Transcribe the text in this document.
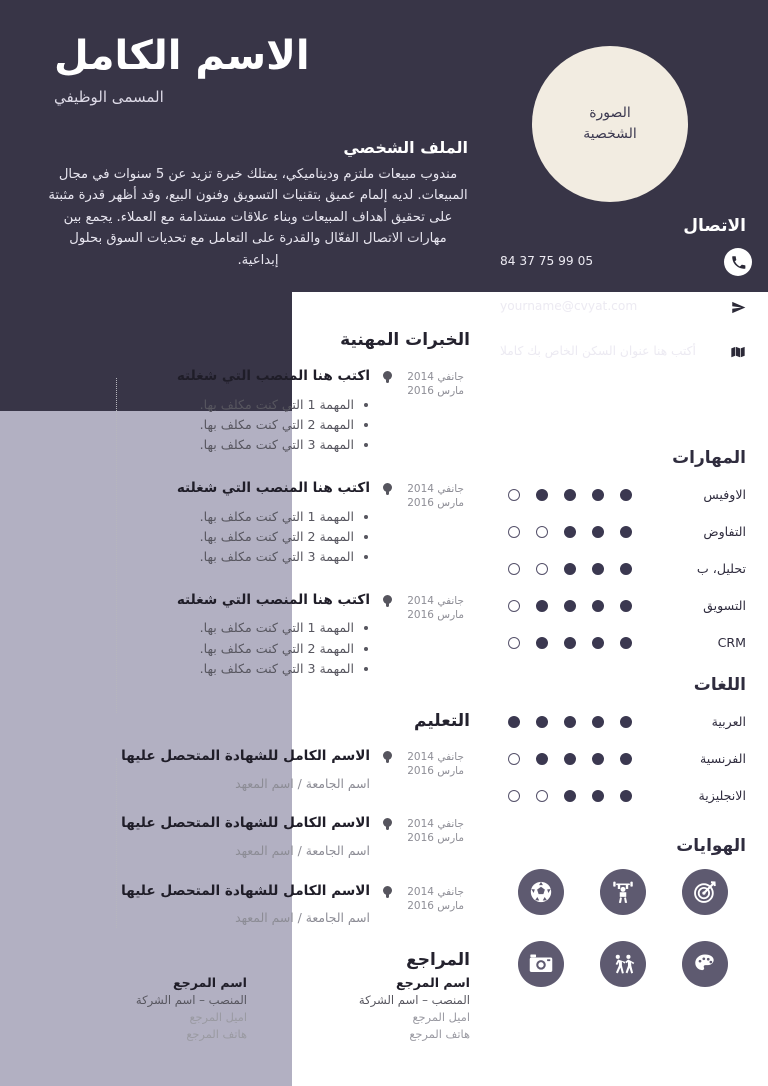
الصورة
الشخصية
الاسم الكامل
المسمى الوظيفي
الملف الشخصي
مندوب مبيعات ملتزم وديناميكي، يمتلك خبرة تزيد عن 5 سنوات في مجال المبيعات. لديه إلمام عميق بتقنيات التسويق وفنون البيع، وقد أظهر قدرة مثبتة على تحقيق أهداف المبيعات وبناء علاقات مستدامة مع العملاء. يجمع بين مهارات الاتصال الفعّال والقدرة على التعامل مع تحديات السوق بحلول إبداعية.
الاتصال
05 99 75 37 84
yourname@cvyat.com
أكتب هنا عنوان السكن الخاص بك كاملا
المهارات
الاوفيس
التفاوض
تحليل، ب
التسويق
CRM
اللغات
العربية
الفرنسية
الانجليزية
الهوايات
الخبرات المهنية
جانفي 2014
مارس 2016
اكتب هنا المنصب التي شغلته
المهمة 1 التي كنت مكلف بها.
المهمة 2 التي كنت مكلف بها.
المهمة 3 التي كنت مكلف بها.
جانفي 2014
مارس 2016
اكتب هنا المنصب التي شغلته
المهمة 1 التي كنت مكلف بها.
المهمة 2 التي كنت مكلف بها.
المهمة 3 التي كنت مكلف بها.
جانفي 2014
مارس 2016
اكتب هنا المنصب التي شغلته
المهمة 1 التي كنت مكلف بها.
المهمة 2 التي كنت مكلف بها.
المهمة 3 التي كنت مكلف بها.
التعليم
جانفي 2014
مارس 2016
الاسم الكامل للشهادة المتحصل عليها
اسم الجامعة / اسم المعهد
جانفي 2014
مارس 2016
الاسم الكامل للشهادة المتحصل عليها
اسم الجامعة / اسم المعهد
جانفي 2014
مارس 2016
الاسم الكامل للشهادة المتحصل عليها
اسم الجامعة / اسم المعهد
المراجع
اسم المرجع
المنصب – اسم الشركة
اميل المرجع
هاتف المرجع
اسم المرجع
المنصب – اسم الشركة
اميل المرجع
هاتف المرجع
